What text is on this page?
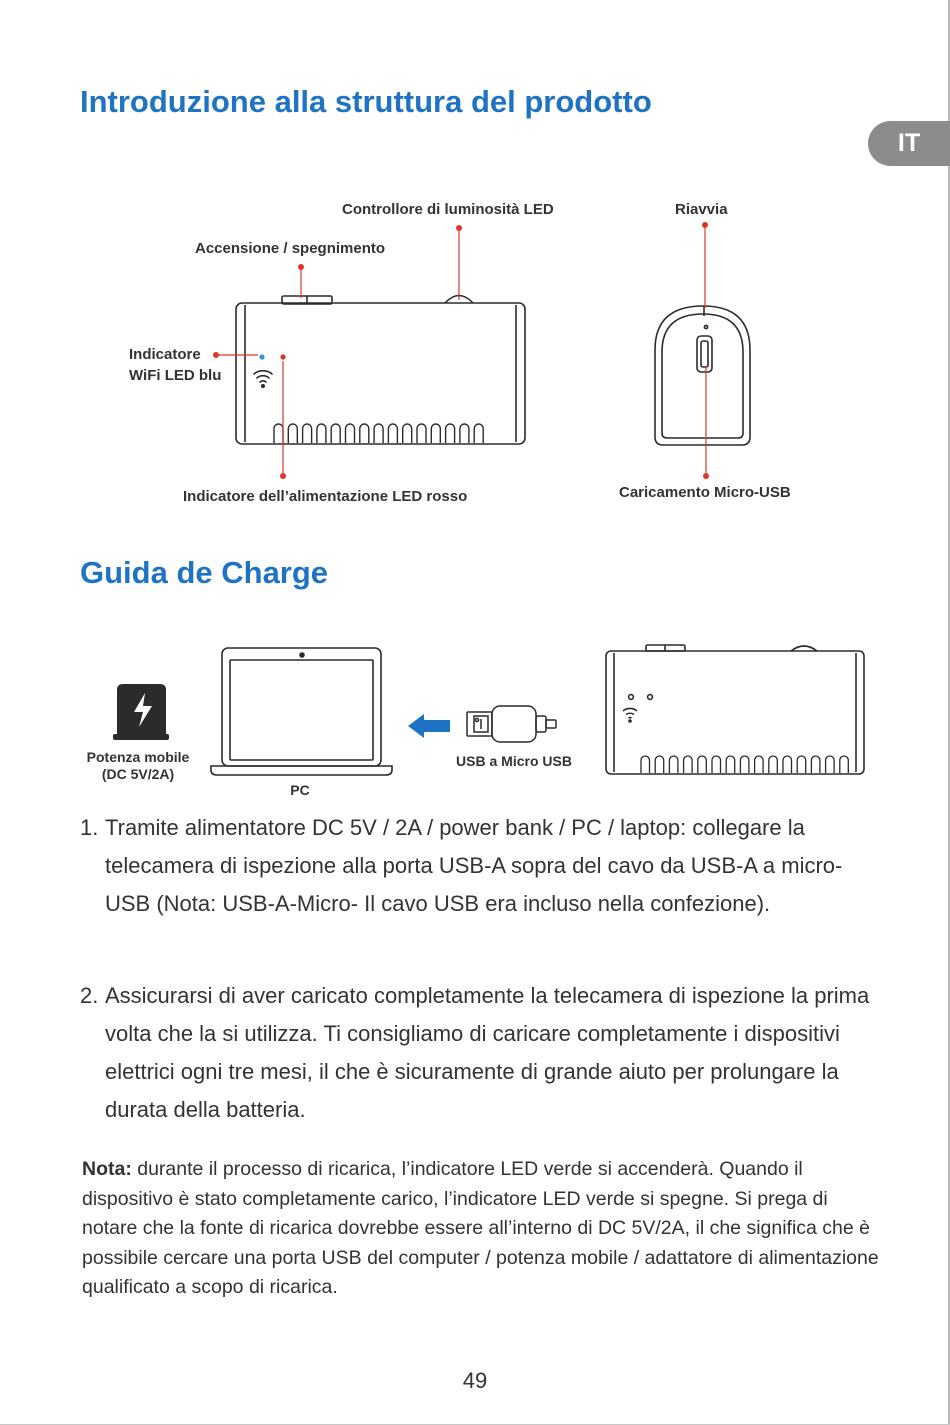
IT
Introduzione alla struttura del prodotto
Controllore di luminosità LED	Riavvia
Accensione / spegnimento
Indicatore
WiFi LED blu
Indicatore dell’alimentazione LED rosso	Caricamento Micro-USB
Guida de Charge
Potenza mobile
(DC 5V/2A)
PC
USB a Micro USB
1. Tramite alimentatore DC 5V / 2A / power bank / PC / laptop: collegare la telecamera di ispezione alla porta USB-A sopra del cavo da USB-A a micro-USB (Nota: USB-A-Micro- Il cavo USB era incluso nella confezione).
2. Assicurarsi di aver caricato completamente la telecamera di ispezione la prima volta che la si utilizza. Ti consigliamo di caricare completamente i dispositivi elettrici ogni tre mesi, il che è sicuramente di grande aiuto per prolungare la durata della batteria.

Nota: durante il processo di ricarica, l’indicatore LED verde si accenderà. Quando il dispositivo è stato completamente carico, l’indicatore LED verde si spegne. Si prega di notare che la fonte di ricarica dovrebbe essere all’interno di DC 5V/2A, il che significa che è possibile cercare una porta USB del computer / potenza mobile / adattatore di alimentazione qualificato a scopo di ricarica.

49
